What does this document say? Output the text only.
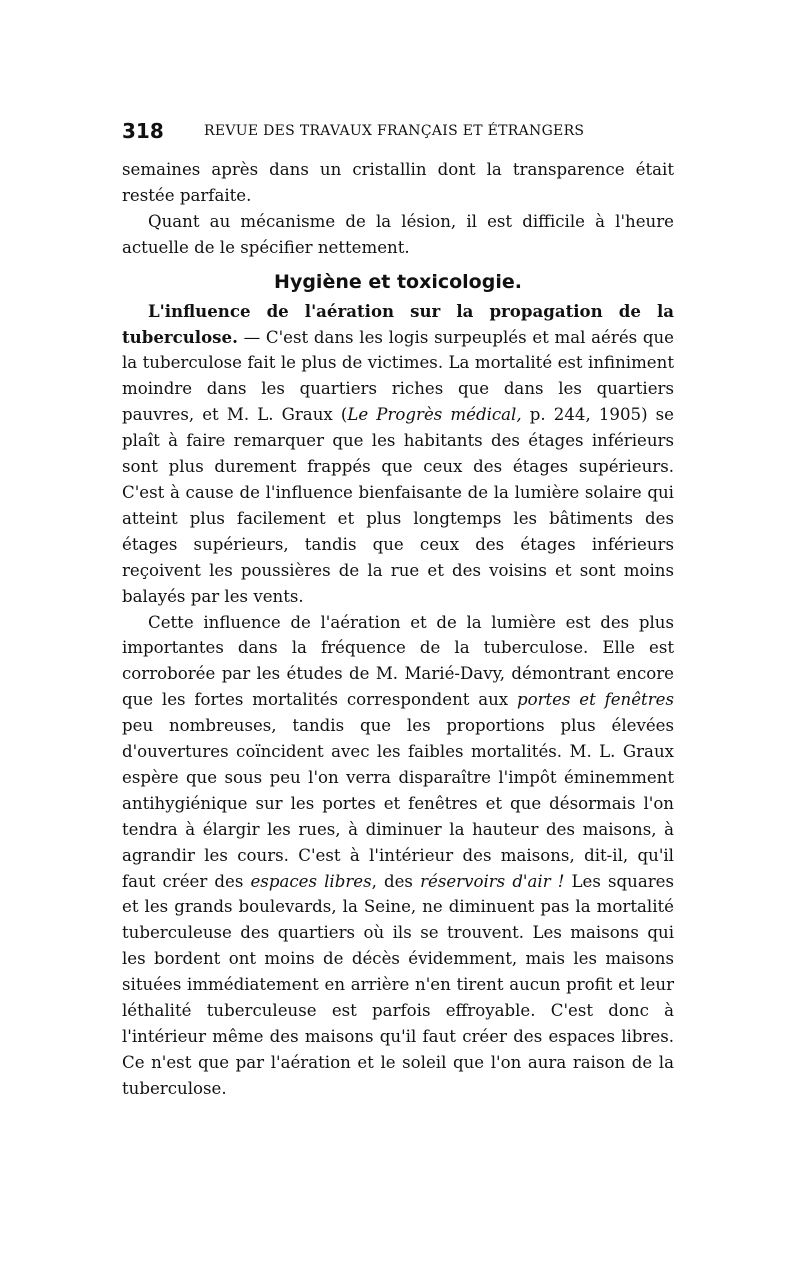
318	REVUE DES TRAVAUX FRANÇAIS ET ÉTRANGERS

semaines après dans un cristallin dont la transparence était restée parfaite.

Quant au mécanisme de la lésion, il est difficile à l'heure actuelle de le spécifier nettement.

Hygiène et toxicologie.

L'influence de l'aération sur la propagation de la tuberculose. — C'est dans les logis surpeuplés et mal aérés que la tuberculose fait le plus de victimes. La mortalité est infiniment moindre dans les quartiers riches que dans les quartiers pauvres, et M. L. Graux (Le Progrès médical, p. 244, 1905) se plaît à faire remarquer que les habitants des étages inférieurs sont plus durement frappés que ceux des étages supérieurs. C'est à cause de l'influence bienfaisante de la lumière solaire qui atteint plus facilement et plus longtemps les bâtiments des étages supérieurs, tandis que ceux des étages inférieurs reçoivent les poussières de la rue et des voisins et sont moins balayés par les vents.

Cette influence de l'aération et de la lumière est des plus importantes dans la fréquence de la tuberculose. Elle est corroborée par les études de M. Marié-Davy, démontrant encore que les fortes mortalités correspondent aux portes et fenêtres peu nombreuses, tandis que les proportions plus élevées d'ouvertures coïncident avec les faibles mortalités. M. L. Graux espère que sous peu l'on verra disparaître l'impôt éminemment antihygiénique sur les portes et fenêtres et que désormais l'on tendra à élargir les rues, à diminuer la hauteur des maisons, à agrandir les cours. C'est à l'intérieur des maisons, dit-il, qu'il faut créer des espaces libres, des réservoirs d'air ! Les squares et les grands boulevards, la Seine, ne diminuent pas la mortalité tuberculeuse des quartiers où ils se trouvent. Les maisons qui les bordent ont moins de décès évidemment, mais les maisons situées immédiatement en arrière n'en tirent aucun profit et leur léthalité tuberculeuse est parfois effroyable. C'est donc à l'intérieur même des maisons qu'il faut créer des espaces libres. Ce n'est que par l'aération et le soleil que l'on aura raison de la tuberculose.
